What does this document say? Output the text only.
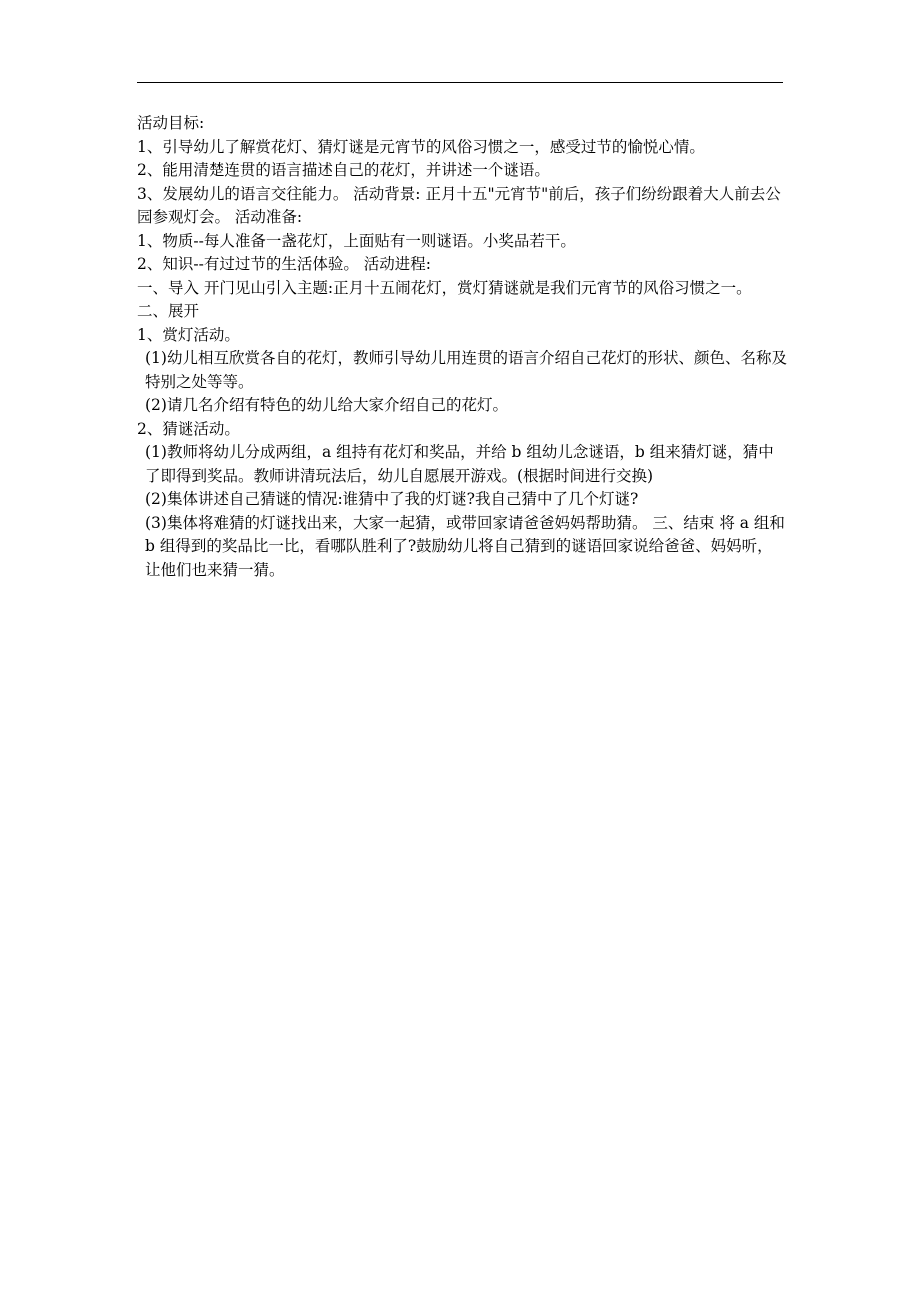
活动目标:

1、引导幼儿了解赏花灯、猜灯谜是元宵节的风俗习惯之一，感受过节的愉悦心情。

2、能用清楚连贯的语言描述自己的花灯，并讲述一个谜语。

3、发展幼儿的语言交往能力。 活动背景: 正月十五"元宵节"前后，孩子们纷纷跟着大人前去公园参观灯会。 活动准备:

1、物质--每人准备一盏花灯，上面贴有一则谜语。小奖品若干。

2、知识--有过过节的生活体验。 活动进程:

一、导入 开门见山引入主题:正月十五闹花灯，赏灯猜谜就是我们元宵节的风俗习惯之一。

二、展开

1、赏灯活动。

(1)幼儿相互欣赏各自的花灯，教师引导幼儿用连贯的语言介绍自己花灯的形状、颜色、名称及特别之处等等。

(2)请几名介绍有特色的幼儿给大家介绍自己的花灯。

2、猜谜活动。

(1)教师将幼儿分成两组，a 组持有花灯和奖品，并给 b 组幼儿念谜语，b 组来猜灯谜，猜中了即得到奖品。教师讲清玩法后，幼儿自愿展开游戏。(根据时间进行交换)

(2)集体讲述自己猜谜的情况:谁猜中了我的灯谜?我自己猜中了几个灯谜?

(3)集体将难猜的灯谜找出来，大家一起猜，或带回家请爸爸妈妈帮助猜。 三、结束 将 a 组和 b 组得到的奖品比一比，看哪队胜利了?鼓励幼儿将自己猜到的谜语回家说给爸爸、妈妈听，让他们也来猜一猜。
